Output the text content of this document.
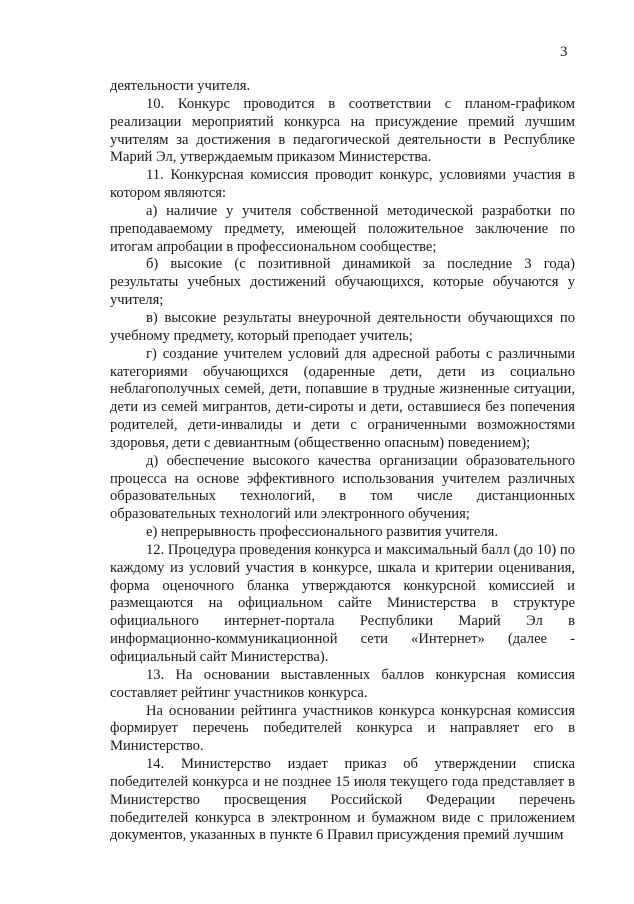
3

деятельности учителя.

10. Конкурс проводится в соответствии с планом-графиком реализации мероприятий конкурса на присуждение премий лучшим учителям за достижения в педагогической деятельности в Республике Марий Эл, утверждаемым приказом Министерства.

11. Конкурсная комиссия проводит конкурс, условиями участия в котором являются:

а) наличие у учителя собственной методической разработки по преподаваемому предмету, имеющей положительное заключение по итогам апробации в профессиональном сообществе;

б) высокие (с позитивной динамикой за последние 3 года) результаты учебных достижений обучающихся, которые обучаются у учителя;

в) высокие результаты внеурочной деятельности обучающихся по учебному предмету, который преподает учитель;

г) создание учителем условий для адресной работы с различными категориями обучающихся (одаренные дети, дети из социально неблагополучных семей, дети, попавшие в трудные жизненные ситуации, дети из семей мигрантов, дети-сироты и дети, оставшиеся без попечения родителей, дети-инвалиды и дети с ограниченными возможностями здоровья, дети с девиантным (общественно опасным) поведением);

д) обеспечение высокого качества организации образовательного процесса на основе эффективного использования учителем различных образовательных технологий, в том числе дистанционных образовательных технологий или электронного обучения;

е) непрерывность профессионального развития учителя.

12. Процедура проведения конкурса и максимальный балл (до 10) по каждому из условий участия в конкурсе, шкала и критерии оценивания, форма оценочного бланка утверждаются конкурсной комиссией и размещаются на официальном сайте Министерства в структуре официального интернет-портала Республики Марий Эл в информационно-коммуникационной сети «Интернет» (далее - официальный сайт Министерства).

13. На основании выставленных баллов конкурсная комиссия составляет рейтинг участников конкурса.

На основании рейтинга участников конкурса конкурсная комиссия формирует перечень победителей конкурса и направляет его в Министерство.

14. Министерство издает приказ об утверждении списка победителей конкурса и не позднее 15 июля текущего года представляет в Министерство просвещения Российской Федерации перечень победителей конкурса в электронном и бумажном виде с приложением документов, указанных в пункте 6 Правил присуждения премий лучшим
